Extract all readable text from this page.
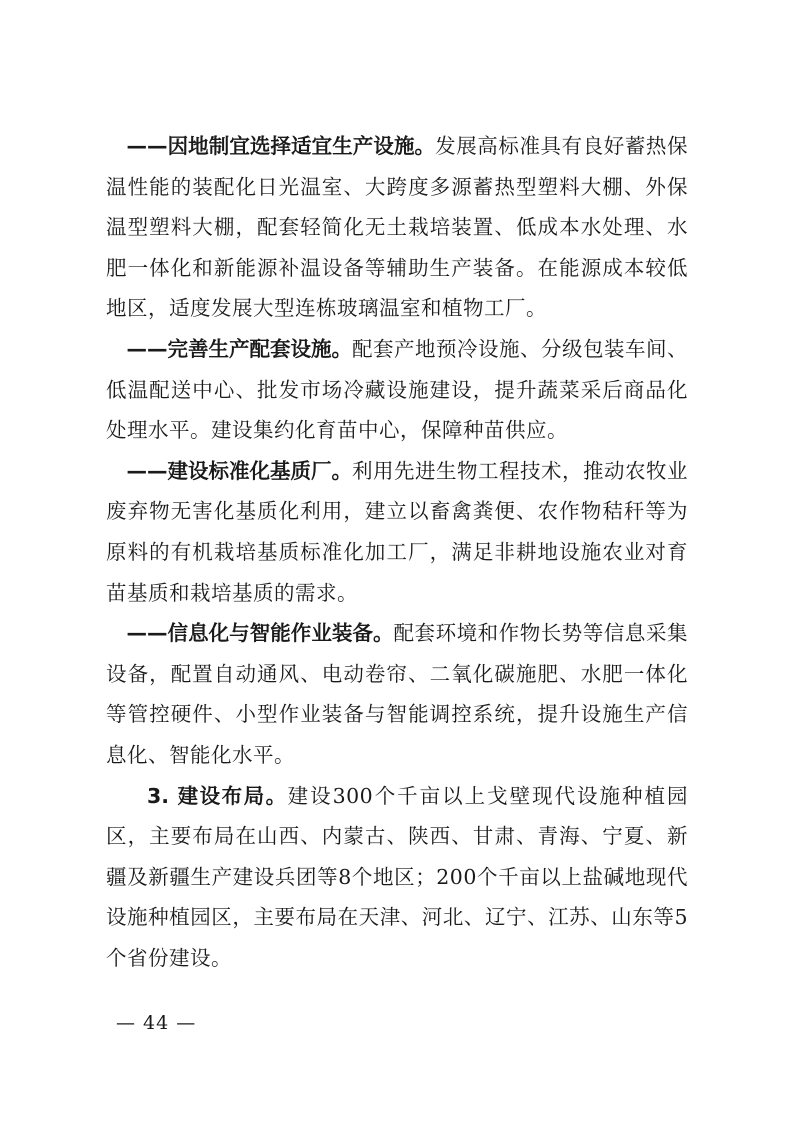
——因地制宜选择适宜生产设施。发展高标准具有良好蓄热保温性能的装配化日光温室、大跨度多源蓄热型塑料大棚、外保温型塑料大棚，配套轻简化无土栽培装置、低成本水处理、水肥一体化和新能源补温设备等辅助生产装备。在能源成本较低地区，适度发展大型连栋玻璃温室和植物工厂。

——完善生产配套设施。配套产地预冷设施、分级包装车间、低温配送中心、批发市场冷藏设施建设，提升蔬菜采后商品化处理水平。建设集约化育苗中心，保障种苗供应。

——建设标准化基质厂。利用先进生物工程技术，推动农牧业废弃物无害化基质化利用，建立以畜禽粪便、农作物秸秆等为原料的有机栽培基质标准化加工厂，满足非耕地设施农业对育苗基质和栽培基质的需求。

——信息化与智能作业装备。配套环境和作物长势等信息采集设备，配置自动通风、电动卷帘、二氧化碳施肥、水肥一体化等管控硬件、小型作业装备与智能调控系统，提升设施生产信息化、智能化水平。

3. 建设布局。建设300个千亩以上戈壁现代设施种植园区，主要布局在山西、内蒙古、陕西、甘肃、青海、宁夏、新疆及新疆生产建设兵团等8个地区；200个千亩以上盐碱地现代设施种植园区，主要布局在天津、河北、辽宁、江苏、山东等5个省份建设。

— 44 —
